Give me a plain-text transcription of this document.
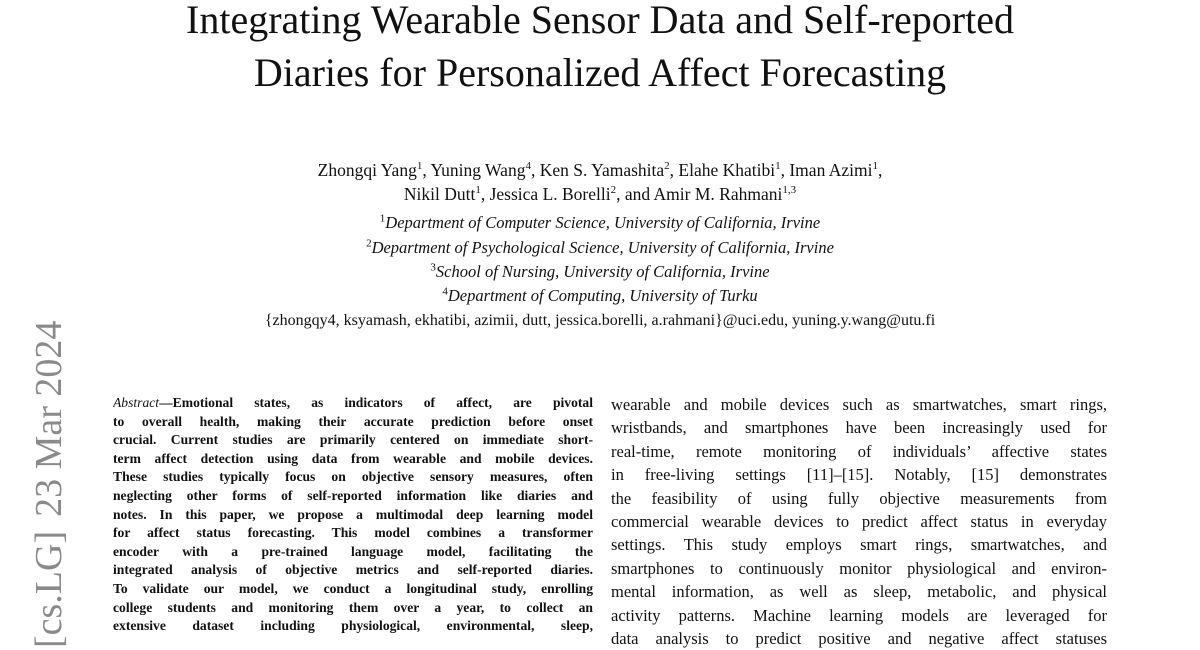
Integrating Wearable Sensor Data and Self-reported
Diaries for Personalized Affect Forecasting
Zhongqi Yang$^1$, Yuning Wang$^4$, Ken S. Yamashita$^2$, Elahe Khatibi$^1$, Iman Azimi$^1$,
Nikil Dutt$^1$, Jessica L. Borelli$^2$, and Amir M. Rahmani$^{1,3}$
$^1$Department of Computer Science, University of California, Irvine
$^2$Department of Psychological Science, University of California, Irvine
$^3$School of Nursing, University of California, Irvine
$^4$Department of Computing, University of Turku
{zhongqy4, ksyamash, ekhatibi, azimii, dutt, jessica.borelli, a.rahmani}@uci.edu, yuning.y.wang@utu.fi
[cs.LG]23 Mar 2024	Abstract—Emotional states, as indicators of affect, are pivotal
to overall health, making their accurate prediction before onset
crucial. Current studies are primarily centered on immediate short-
term affect detection using data from wearable and mobile devices.
These studies typically focus on objective sensory measures, often
neglecting other forms of self-reported information like diaries and
notes. In this paper, we propose a multimodal deep learning model
for affect status forecasting. This model combines a transformer
encoder with a pre-trained language model, facilitating the
integrated analysis of objective metrics and self-reported diaries.
To validate our model, we conduct a longitudinal study, enrolling
college students and monitoring them over a year, to collect an
extensive dataset including physiological, environmental, sleep,
wearable and mobile devices such as smartwatches, smart rings,
wristbands, and smartphones have been increasingly used for
real-time, remote monitoring of individuals’ affective states
in free-living settings [11]–[15]. Notably, [15] demonstrates
the feasibility of using fully objective measurements from
commercial wearable devices to predict affect status in everyday
settings. This study employs smart rings, smartwatches, and
smartphones to continuously monitor physiological and environ-
mental information, as well as sleep, metabolic, and physical
activity patterns. Machine learning models are leveraged for
data analysis to predict positive and negative affect statuses
